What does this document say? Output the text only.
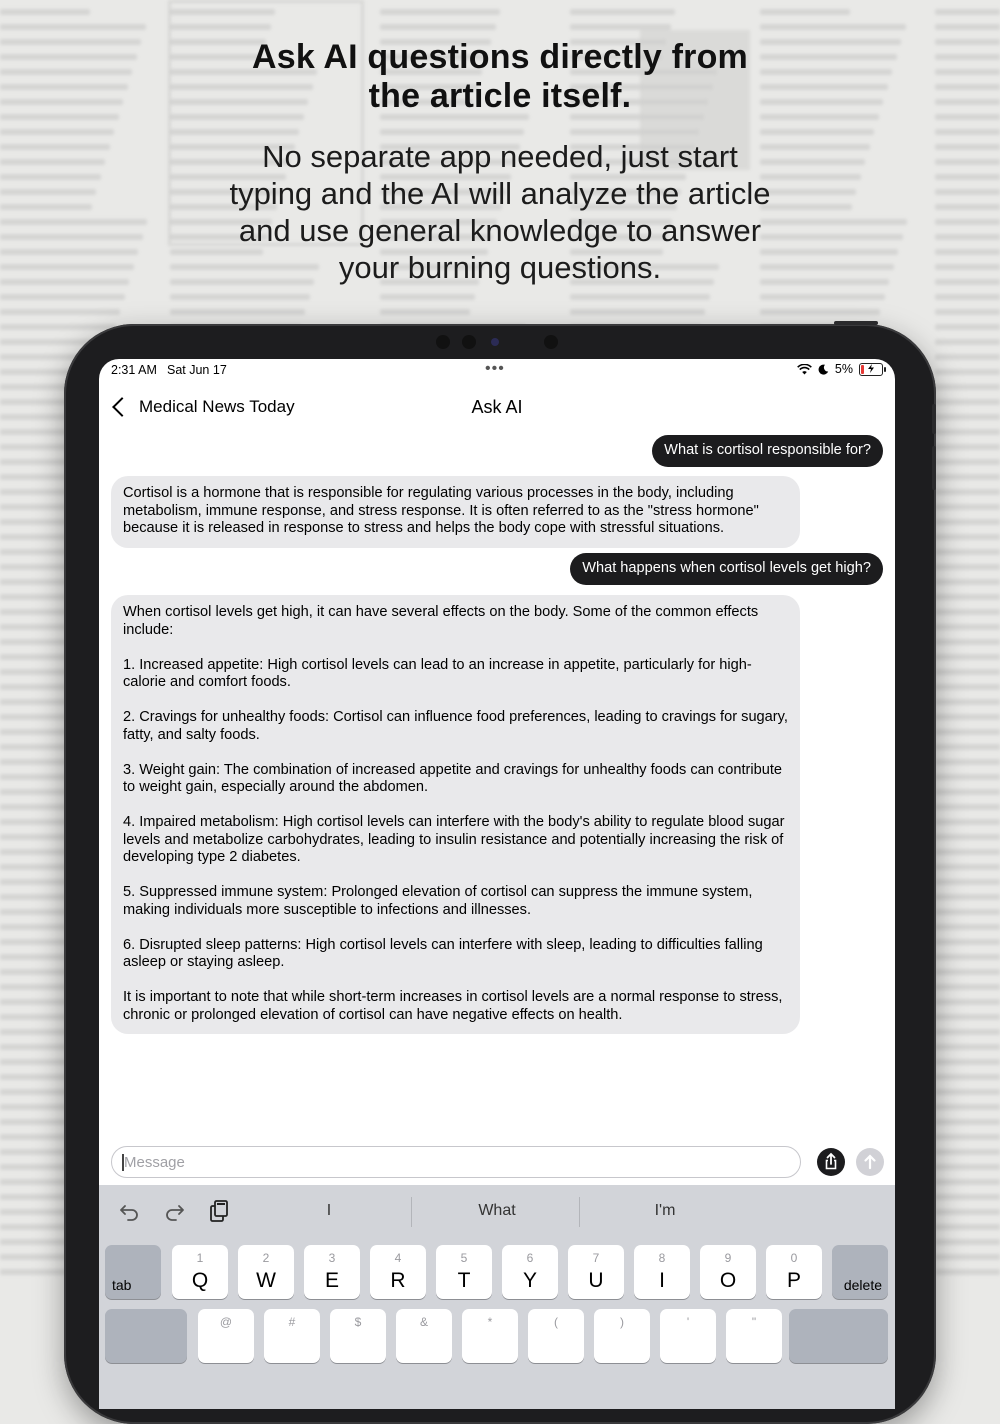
Ask AI questions directly from
the article itself.
No separate app needed, just start
typing and the AI will analyze the article
and use general knowledge to answer
your burning questions.
2:31 AM Sat Jun 17	•••	5%
Medical News Today	Ask AI
What is cortisol responsible for?

Cortisol is a hormone that is responsible for regulating various processes in the body, including metabolism, immune response, and stress response. It is often referred to as the "stress hormone" because it is released in response to stress and helps the body cope with stressful situations.

What happens when cortisol levels get high?

When cortisol levels get high, it can have several effects on the body. Some of the common effects include:

1. Increased appetite: High cortisol levels can lead to an increase in appetite, particularly for high-calorie and comfort foods.

2. Cravings for unhealthy foods: Cortisol can influence food preferences, leading to cravings for sugary, fatty, and salty foods.

3. Weight gain: The combination of increased appetite and cravings for unhealthy foods can contribute to weight gain, especially around the abdomen.

4. Impaired metabolism: High cortisol levels can interfere with the body's ability to regulate blood sugar levels and metabolize carbohydrates, leading to insulin resistance and potentially increasing the risk of developing type 2 diabetes.

5. Suppressed immune system: Prolonged elevation of cortisol can suppress the immune system, making individuals more susceptible to infections and illnesses.

6. Disrupted sleep patterns: High cortisol levels can interfere with sleep, leading to difficulties falling asleep or staying asleep.

It is important to note that while short-term increases in cortisol levels are a normal response to stress, chronic or prolonged elevation of cortisol can have negative effects on health.

Message
I	What	I'm
tab
1
Q
2
W
3
E
4
R
5
T
6
Y
7
U
8
I
9
O
0
P	delete
@	#	$	&	*	(	)	'	"
